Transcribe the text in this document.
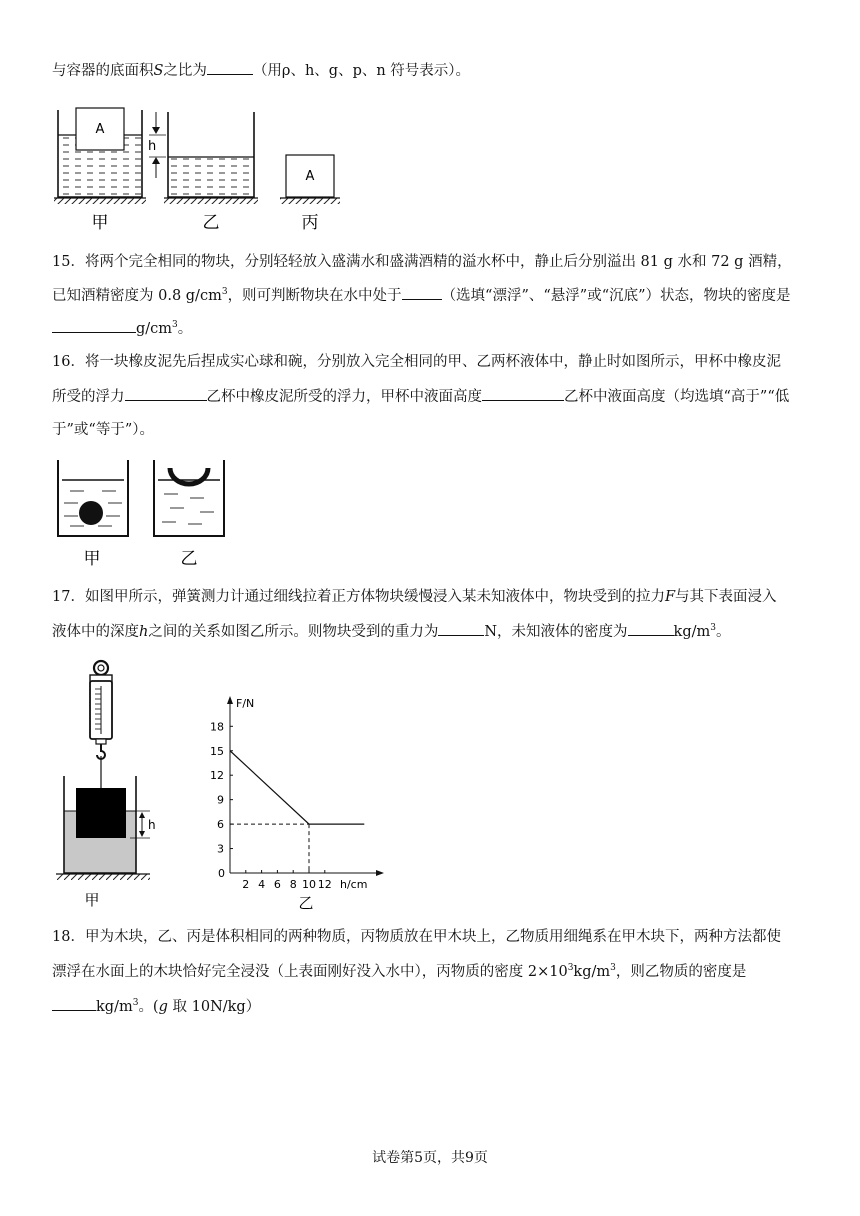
与容器的底面积S之比为	（用ρ、h、g、p、n 符号表示）。
A
h
A
甲	乙	丙
15．将两个完全相同的物块，分别轻轻放入盛满水和盛满酒精的溢水杯中，静止后分别溢出 81 g 水和 72 g 酒精，
已知酒精密度为 0.8 $g/cm^3$，则可判断物块在水中处于	（选填“漂浮”、“悬浮”或“沉底”）状态，物块的密度是
$g/cm^3$。
16．将一块橡皮泥先后捏成实心球和碗，分别放入完全相同的甲、乙两杯液体中，静止时如图所示，甲杯中橡皮泥
所受的浮力	乙杯中橡皮泥所受的浮力，甲杯中液面高度	乙杯中液面高度（均选填“高于”“低
于”或“等于”）。
甲	乙
17．如图甲所示，弹簧测力计通过细线拉着正方体物块缓慢浸入某未知液体中，物块受到的拉力F与其下表面浸入
液体中的深度h之间的关系如图乙所示。则物块受到的重力为	N，未知液体的密度为	$kg/m^3$。
h
甲
F/N
h/cm
0
乙
2 4 6 8 10 12
3
6
9
12
15
18
18．甲为木块，乙、丙是体积相同的两种物质，丙物质放在甲木块上，乙物质用细绳系在甲木块下，两种方法都使
漂浮在水面上的木块恰好完全浸没（上表面刚好没入水中），丙物质的密度 $2\times 10^3kg/m^3$，则乙物质的密度是
$kg/m^3$。(g 取 10N/kg）
试卷第5页，共9页
